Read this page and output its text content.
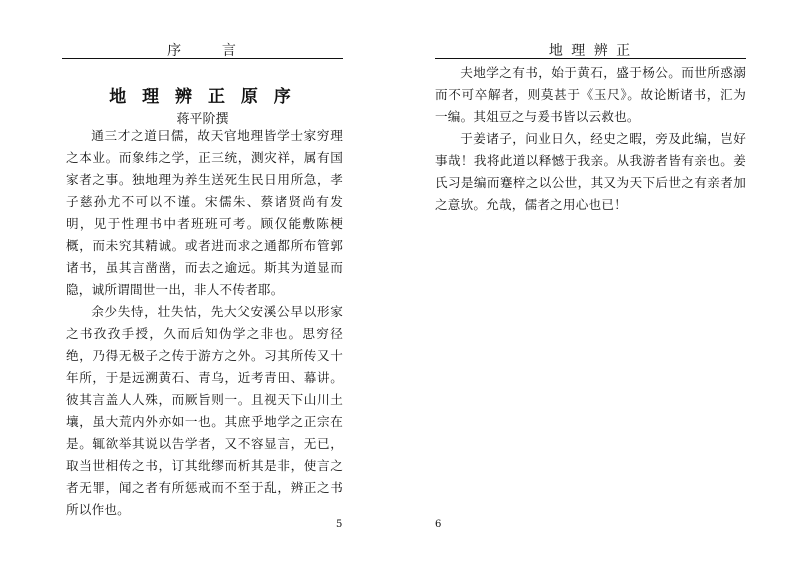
序      言
地 理 辨 正 原 序
蒋平阶撰

通三才之道曰儒，故天官地理皆学士家穷理之本业。而象纬之学，正三统，测灾祥，属有国家者之事。独地理为养生送死生民日用所急，孝子慈孙尤不可以不谨。宋儒朱、蔡诸贤尚有发明，见于性理书中者班班可考。顾仅能敷陈梗概，而未究其精诚。或者进而求之通都所布管郭诸书，虽其言凿凿，而去之逾远。斯其为道显而隐，诚所谓間世一出，非人不传者耶。

余少失恃，壮失怙，先大父安溪公早以形家之书孜孜手授，久而后知伪学之非也。思穷径绝，乃得无极子之传于游方之外。习其所传又十年所，于是远溯黄石、青乌，近考青田、幕讲。彼其言盖人人殊，而厥旨则一。且视天下山川土壤，虽大荒内外亦如一也。其庶乎地学之正宗在是。辄欲举其说以告学者，又不容显言，无已，取当世相传之书，订其纰缪而析其是非，使言之者无罪，闻之者有所惩戒而不至于乱，辨正之书所以作也。

5
地 理 辨 正

夫地学之有书，始于黄石，盛于杨公。而世所惑溺而不可卒解者，则莫甚于《玉尺》。故论断诸书，汇为一编。其俎豆之与爰书皆以云救也。

于姜诸子，问业日久，经史之暇，旁及此编，岂好事哉！我将此道以释憾于我亲。从我游者皆有亲也。姜氏习是编而蹇梓之以公世，其又为天下后世之有亲者加之意欤。允哉，儒者之用心也已！

6
